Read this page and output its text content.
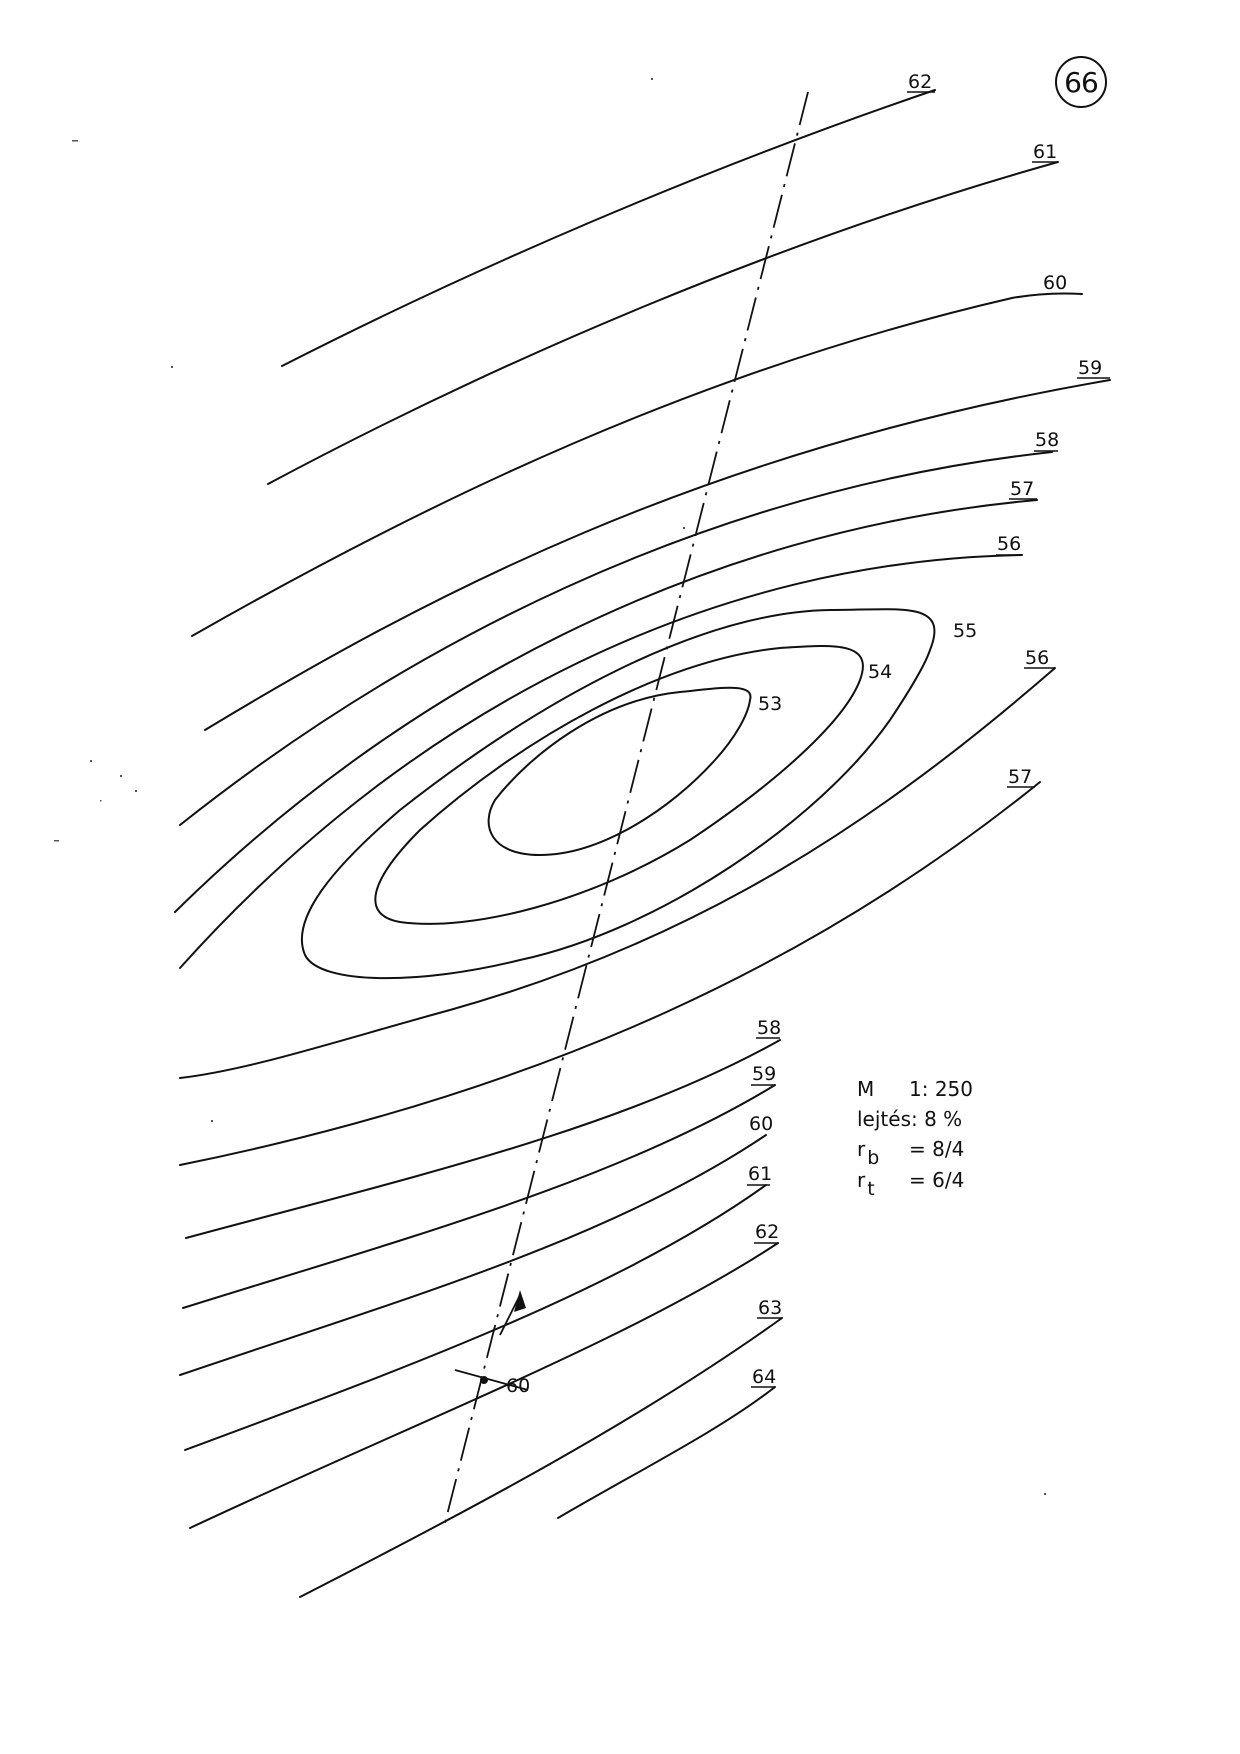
62
61
60
59
58
57
56
55
54
53
56
57
58
59
60
61
62
63
64
60
66
M	1: 250
lejtés : 8 %
r b	= 8/4
r t	= 6/4
